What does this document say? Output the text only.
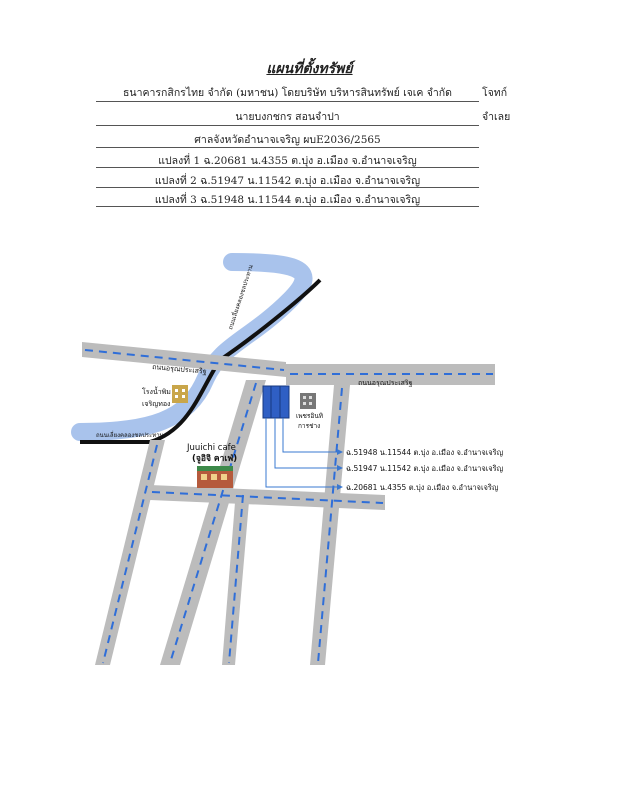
แผนที่ตั้งทรัพย์
ธนาคารกสิกรไทย จำกัด (มหาชน) โดยบริษัท บริหารสินทรัพย์ เจเค จำกัด	โจทก์
นายบงกชกร สอนจำปา	จำเลย
ศาลจังหวัดอำนาจเจริญ ผบE2036/2565
แปลงที่ 1 ฉ.20681 น.4355 ต.บุ่ง อ.เมือง จ.อำนาจเจริญ
แปลงที่ 2 ฉ.51947 น.11542 ต.บุ่ง อ.เมือง จ.อำนาจเจริญ
แปลงที่ 3 ฉ.51948 น.11544 ต.บุ่ง อ.เมือง จ.อำนาจเจริญ
ถนนอรุณประเสริฐ
ถนนอรุณประเสริฐ
ถนนเลี่ยงคลองชลประทาน
ถนนเลี่ยงคลองชลประทาน
ฉ.51948 น.11544 ต.บุ่ง อ.เมือง จ.อำนาจเจริญ
ฉ.51947 น.11542 ต.บุ่ง อ.เมือง จ.อำนาจเจริญ
ฉ.20681 น.4355 ต.บุ่ง อ.เมือง จ.อำนาจเจริญ
โรงน้ำพิม
เจริญทอง
เพชรอินทิ
การช่าง
Juuichi cafe
(จูอิจิ คาเฟ่)
